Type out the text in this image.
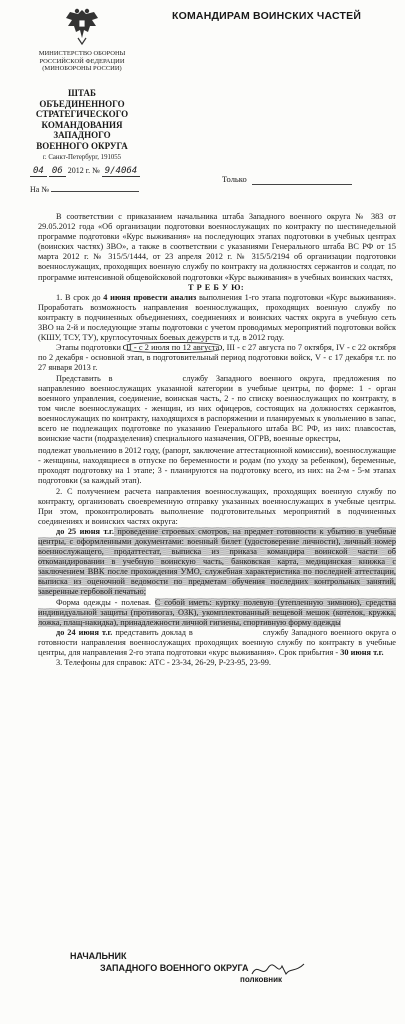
КОМАНДИРАМ ВОИНСКИХ ЧАСТЕЙ
МИНИСТЕРСТВО ОБОРОНЫ
РОССИЙСКОЙ ФЕДЕРАЦИИ
(МИНОБОРОНЫ РОССИИ)
ШТАБ
ОБЪЕДИНЕННОГО
СТРАТЕГИЧЕСКОГО
КОМАНДОВАНИЯ
ЗАПАДНОГО
ВОЕННОГО ОКРУГА
г. Санкт-Петербург, 191055
04 06 2012 г. № 9/4064
На №
Только

В соответствии с приказанием начальника штаба Западного военного округа № 383 от 29.05.2012 года «Об организации подготовки военнослужащих по контракту по шестинедельной программе подготовки «Курс выживания» на последующих этапах подготовки в учебных центрах (воинских частях) ЗВО», а также в соответствии с указаниями Генерального штаба ВС РФ от 15 марта 2012 г. № 315/5/1444, от 23 апреля 2012 г. № 315/5/2194 об организации подготовки военнослужащих, проходящих военную службу по контракту на должностях сержантов и солдат, по программе интенсивной общевойсковой подготовки «Курс выживания» в учебных воинских частях,

Т Р Е Б У Ю:

1. В срок до 4 июня провести анализ выполнения 1-го этапа подготовки «Курс выживания». Проработать возможность направления военнослужащих, проходящих военную службу по контракту в подчиненных объединениях, соединениях и воинских частях округа в учебную сеть ЗВО на 2-й и последующие этапы подготовки с учетом проводимых мероприятий подготовки войск (КШУ, ТСУ, ТУ), круглосуточных боевых дежурств и т.д. в 2012 году.

Этапы подготовки II - с 2 июля по 12 августа , III - с 27 августа по 7 октября, IV - с 22 октября по 2 декабря - основной этап, в подготовительный период подготовки войск, V - с 17 декабря т.г. по 27 января 2013 г.

Представить в	службу Западного военного округа, предложения по направлению военнослужащих указанной категории в учебные центры, по форме: 1 - орган военного управления, соединение, воинская часть, 2 - по списку военнослужащих по контракту, в том числе военнослужащих - женщин, из них офицеров, состоящих на должностях сержантов, военнослужащих по контракту, находящихся в распоряжении и планируемых к увольнению в запас, всего не подлежащих подготовке по указанию Генерального штаба ВС РФ, из них: плавсостав, воинские части (подразделения) специального назначения, ОГРВ, военные оркестры,

подлежат увольнению в 2012 году, (рапорт, заключение аттестационной комиссии), военнослужащие - женщины, находящиеся в отпуске по беременности и родам (по уходу за ребенком), беременные, проходят подготовку на 1 этапе; 3 - планируются на подготовку всего, из них: на 2-м - 5-м этапах подготовки (за каждый этап).

2. С получением расчета направления военнослужащих, проходящих военную службу по контракту, организовать своевременную отправку указанных военнослужащих в учебные центры. При этом, проконтролировать выполнение подготовительных мероприятий в подчиненных соединениях и воинских частях округа:

до 25 июня т.г. проведение строевых смотров, на предмет готовности к убытию в учебные центры, с оформленными документами: военный билет (удостоверение личности), личный номер военнослужащего, продаттестат, выписка из приказа командира воинской части об откомандировании в учебную воинскую часть, банковская карта, медицинская книжка с заключением ВВК после прохождения УМО, служебная характеристика по последней аттестации, выписка из оценочной ведомости по предметам обучения последних контрольных занятий, заверенные гербовой печатью;

Форма одежды - полевая. С собой иметь: куртку полевую (утепленную зимнюю), средства индивидуальной защиты (противогаз, ОЗК), укомплектованный вещевой мешок (котелок, кружка, ложка, плащ-накидка), принадлежности личной гигиены, спортивную форму одежды

до 24 июня т.г. представить доклад в	службу Западного военного округа о готовности направления военнослужащих проходящих военную службу по контракту в учебные центры, для направления 2-го этапа подготовки «курс выживания». Срок прибытия - 30 июня т.г.

3. Телефоны для справок: АТС - 23-34, 26-29, Р-23-95, 23-99.

НАЧАЛЬНИК
ЗАПАДНОГО ВОЕННОГО ОКРУГА
полковник
